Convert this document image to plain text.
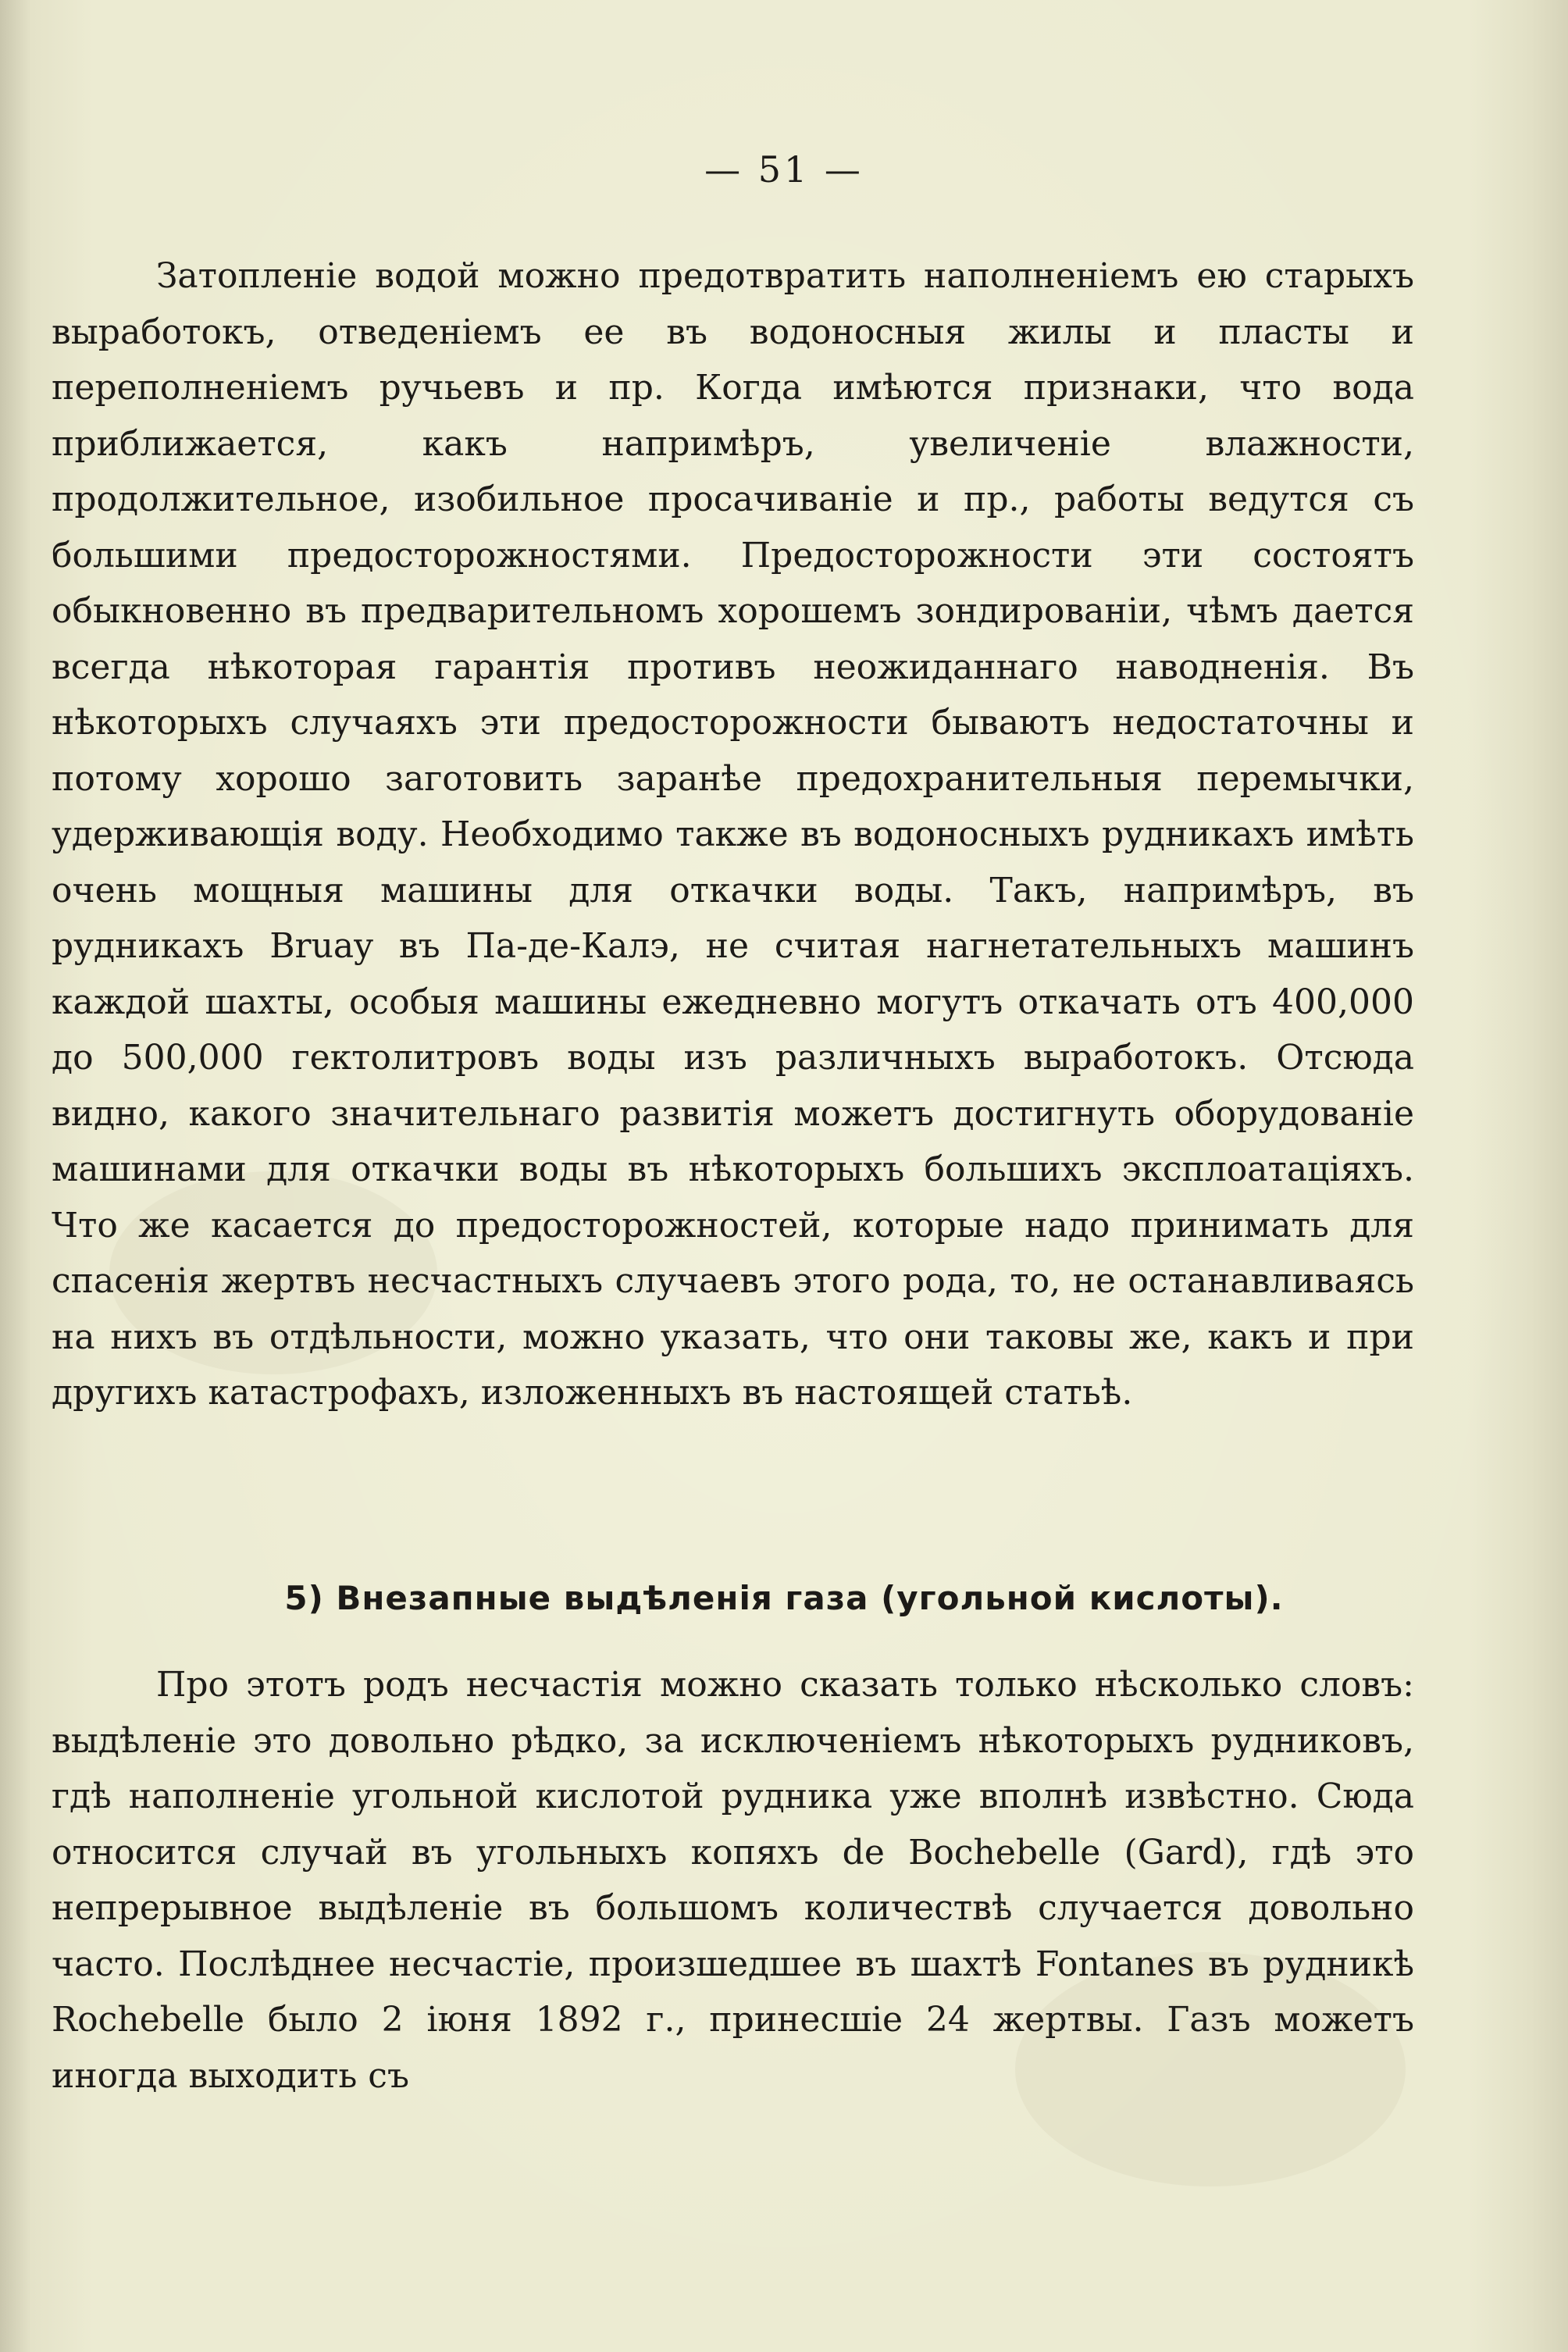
— 51 —

Затопленіе водой можно предотвратить наполненіемъ ею старыхъ выработокъ, отведеніемъ ее въ водоносныя жилы и пласты и переполненіемъ ручьевъ и пр. Когда имѣются признаки, что вода приближается, какъ напримѣръ, увеличеніе влажности, продолжительное, изобильное просачиваніе и пр., работы ведутся съ большими предосторожностями. Предосторожности эти состоятъ обыкновенно въ предварительномъ хорошемъ зондированіи, чѣмъ дается всегда нѣкоторая гарантія противъ неожиданнаго наводненія. Въ нѣкоторыхъ случаяхъ эти предосторожности бываютъ недостаточны и потому хорошо заготовить заранѣе предохранительныя перемычки, удерживающія воду. Необходимо также въ водоносныхъ рудникахъ имѣть очень мощныя машины для откачки воды. Такъ, напримѣръ, въ рудникахъ Bruay въ Па-де-Калэ, не считая нагнетательныхъ машинъ каждой шахты, особыя машины ежедневно могутъ откачать отъ 400,000 до 500,000 гектолитровъ воды изъ различныхъ выработокъ. Отсюда видно, какого значительнаго развитія можетъ достигнуть оборудованіе машинами для откачки воды въ нѣкоторыхъ большихъ эксплоатаціяхъ. Что же касается до предосторожностей, которые надо принимать для спасенія жертвъ несчастныхъ случаевъ этого рода, то, не останавливаясь на нихъ въ отдѣльности, можно указать, что они таковы же, какъ и при другихъ катастрофахъ, изложенныхъ въ настоящей статьѣ.

5) Внезапные выдѣленія газа (угольной кислоты).

Про этотъ родъ несчастія можно сказать только нѣсколько словъ: выдѣленіе это довольно рѣдко, за исключеніемъ нѣкоторыхъ рудниковъ, гдѣ наполненіе угольной кислотой рудника уже вполнѣ извѣстно. Сюда относится случай въ угольныхъ копяхъ de Bochebelle (Gard), гдѣ это непрерывное выдѣленіе въ большомъ количествѣ случается довольно часто. Послѣднее несчастіе, произшедшее въ шахтѣ Fontanes въ рудникѣ Rochebelle было 2 іюня 1892 г., принесшіе 24 жертвы. Газъ можетъ иногда выходить съ
